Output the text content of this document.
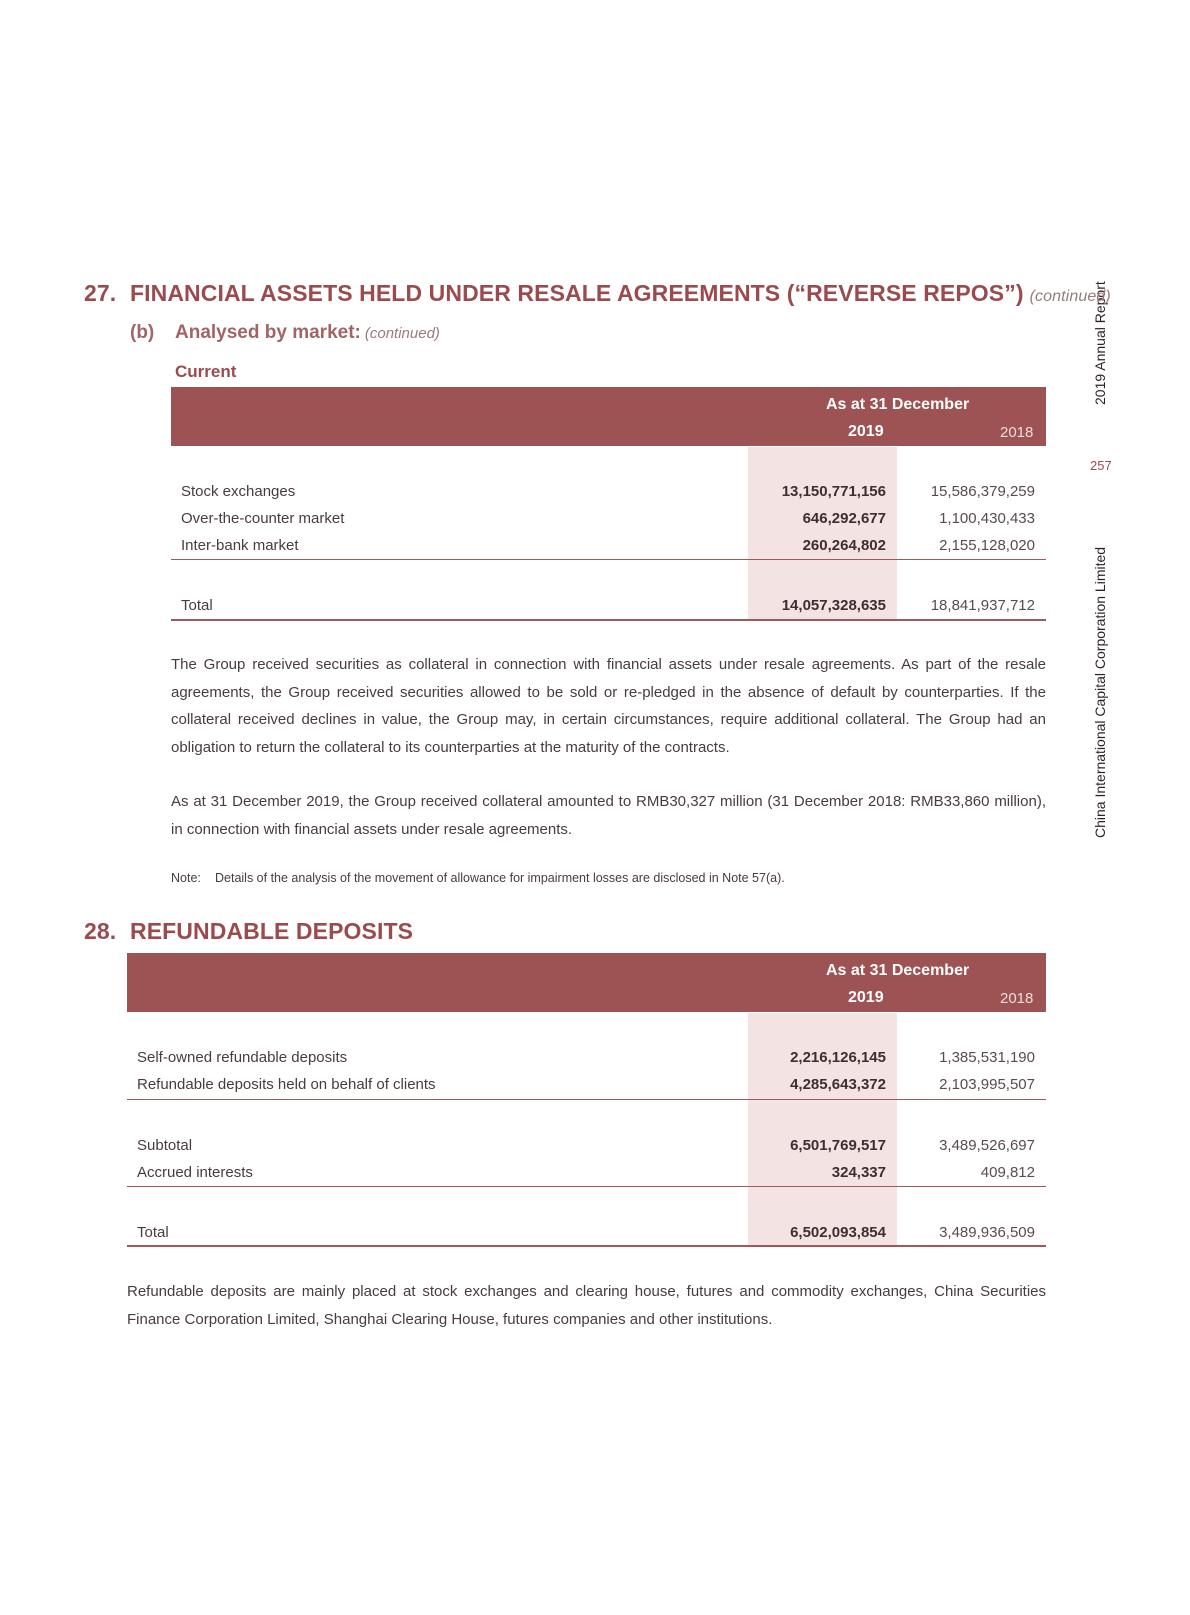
2019 Annual Report
257
China International Capital Corporation Limited
27. FINANCIAL ASSETS HELD UNDER RESALE AGREEMENTS (“REVERSE REPOS”) (continued)
(b) Analysed by market: (continued)
Current
As at 31 December
2019	2018
Stock exchanges	13,150,771,156	15,586,379,259
Over-the-counter market	646,292,677	1,100,430,433
Inter-bank market	260,264,802	2,155,128,020
Total	14,057,328,635	18,841,937,712
The Group received securities as collateral in connection with financial assets under resale agreements. As part of the resale agreements, the Group received securities allowed to be sold or re-pledged in the absence of default by counterparties. If the collateral received declines in value, the Group may, in certain circumstances, require additional collateral. The Group had an obligation to return the collateral to its counterparties at the maturity of the contracts.
As at 31 December 2019, the Group received collateral amounted to RMB30,327 million (31 December 2018: RMB33,860 million), in connection with financial assets under resale agreements.
Note: Details of the analysis of the movement of allowance for impairment losses are disclosed in Note 57(a).
28. REFUNDABLE DEPOSITS
As at 31 December
2019	2018
Self-owned refundable deposits	2,216,126,145	1,385,531,190
Refundable deposits held on behalf of clients	4,285,643,372	2,103,995,507
Subtotal	6,501,769,517	3,489,526,697
Accrued interests	324,337	409,812
Total	6,502,093,854	3,489,936,509
Refundable deposits are mainly placed at stock exchanges and clearing house, futures and commodity exchanges, China Securities Finance Corporation Limited, Shanghai Clearing House, futures companies and other institutions.
